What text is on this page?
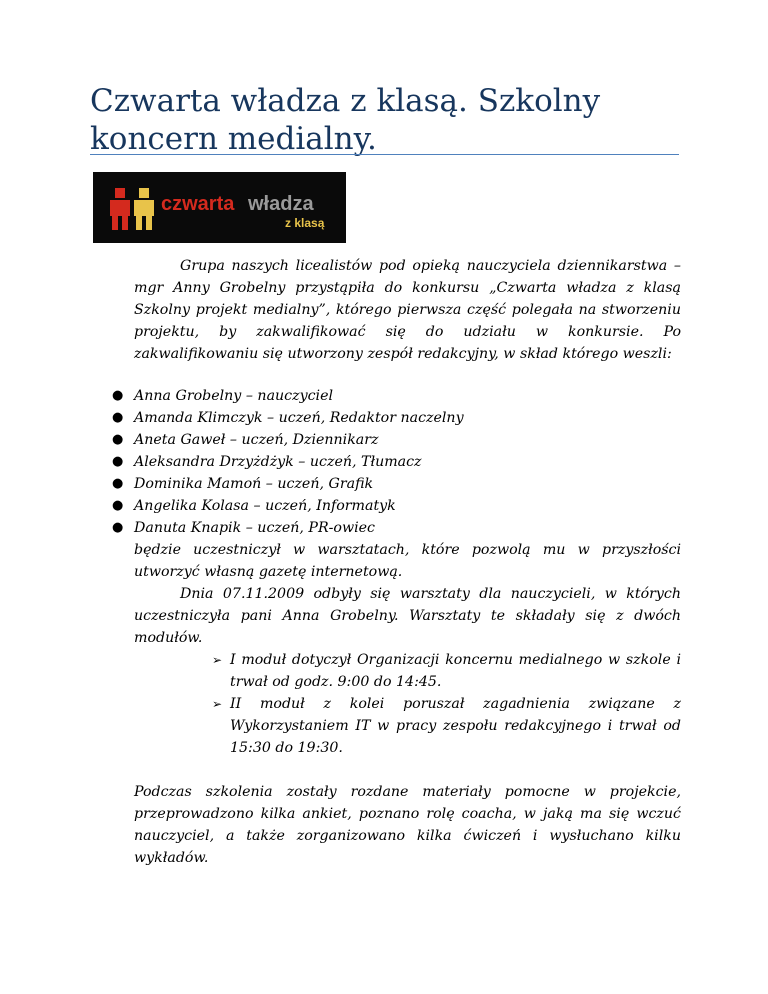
Czwarta władza z klasą. Szkolny koncern medialny.
czwarta władza
z klasą

Grupa naszych licealistów pod opieką nauczyciela dziennikarstwa – mgr Anny Grobelny przystąpiła do konkursu „Czwarta władza z klasą Szkolny projekt medialny”, którego pierwsza część polegała na stworzeniu projektu, by zakwalifikować się do udziału w konkursie. Po zakwalifikowaniu się utworzony zespół redakcyjny, w skład którego weszli:

● Anna Grobelny – nauczyciel
● Amanda Klimczyk – uczeń, Redaktor naczelny
● Aneta Gaweł – uczeń, Dziennikarz
● Aleksandra Drzyżdżyk – uczeń, Tłumacz
● Dominika Mamoń – uczeń, Grafik
● Angelika Kolasa – uczeń, Informatyk
● Danuta Knapik – uczeń, PR-owiec

będzie uczestniczył w warsztatach, które pozwolą mu w przyszłości utworzyć własną gazetę internetową.

Dnia 07.11.2009 odbyły się warsztaty dla nauczycieli, w których uczestniczyła pani Anna Grobelny. Warsztaty te składały się z dwóch modułów.

➢ I moduł dotyczył Organizacji koncernu medialnego w szkole i trwał od godz. 9:00 do 14:45.
➢ II moduł z kolei poruszał zagadnienia związane z Wykorzystaniem IT w pracy zespołu redakcyjnego i trwał od 15:30 do 19:30.

Podczas szkolenia zostały rozdane materiały pomocne w projekcie, przeprowadzono kilka ankiet, poznano rolę coacha, w jaką ma się wczuć nauczyciel, a także zorganizowano kilka ćwiczeń i wysłuchano kilku wykładów.
